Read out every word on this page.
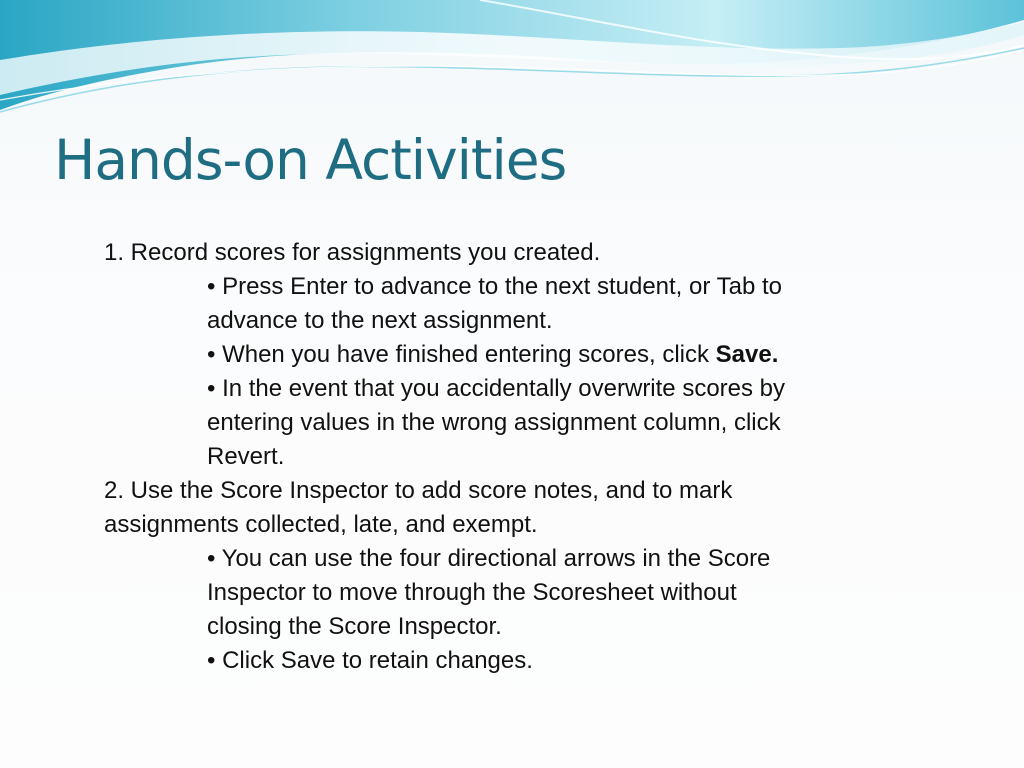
Hands-on Activities
1. Record scores for assignments you created.
• Press Enter to advance to the next student, or Tab to
advance to the next assignment.
• When you have finished entering scores, click Save.
• In the event that you accidentally overwrite scores by
entering values in the wrong assignment column, click
Revert.
2. Use the Score Inspector to add score notes, and to mark
assignments collected, late, and exempt.
• You can use the four directional arrows in the Score
Inspector to move through the Scoresheet without
closing the Score Inspector.
• Click Save to retain changes.
